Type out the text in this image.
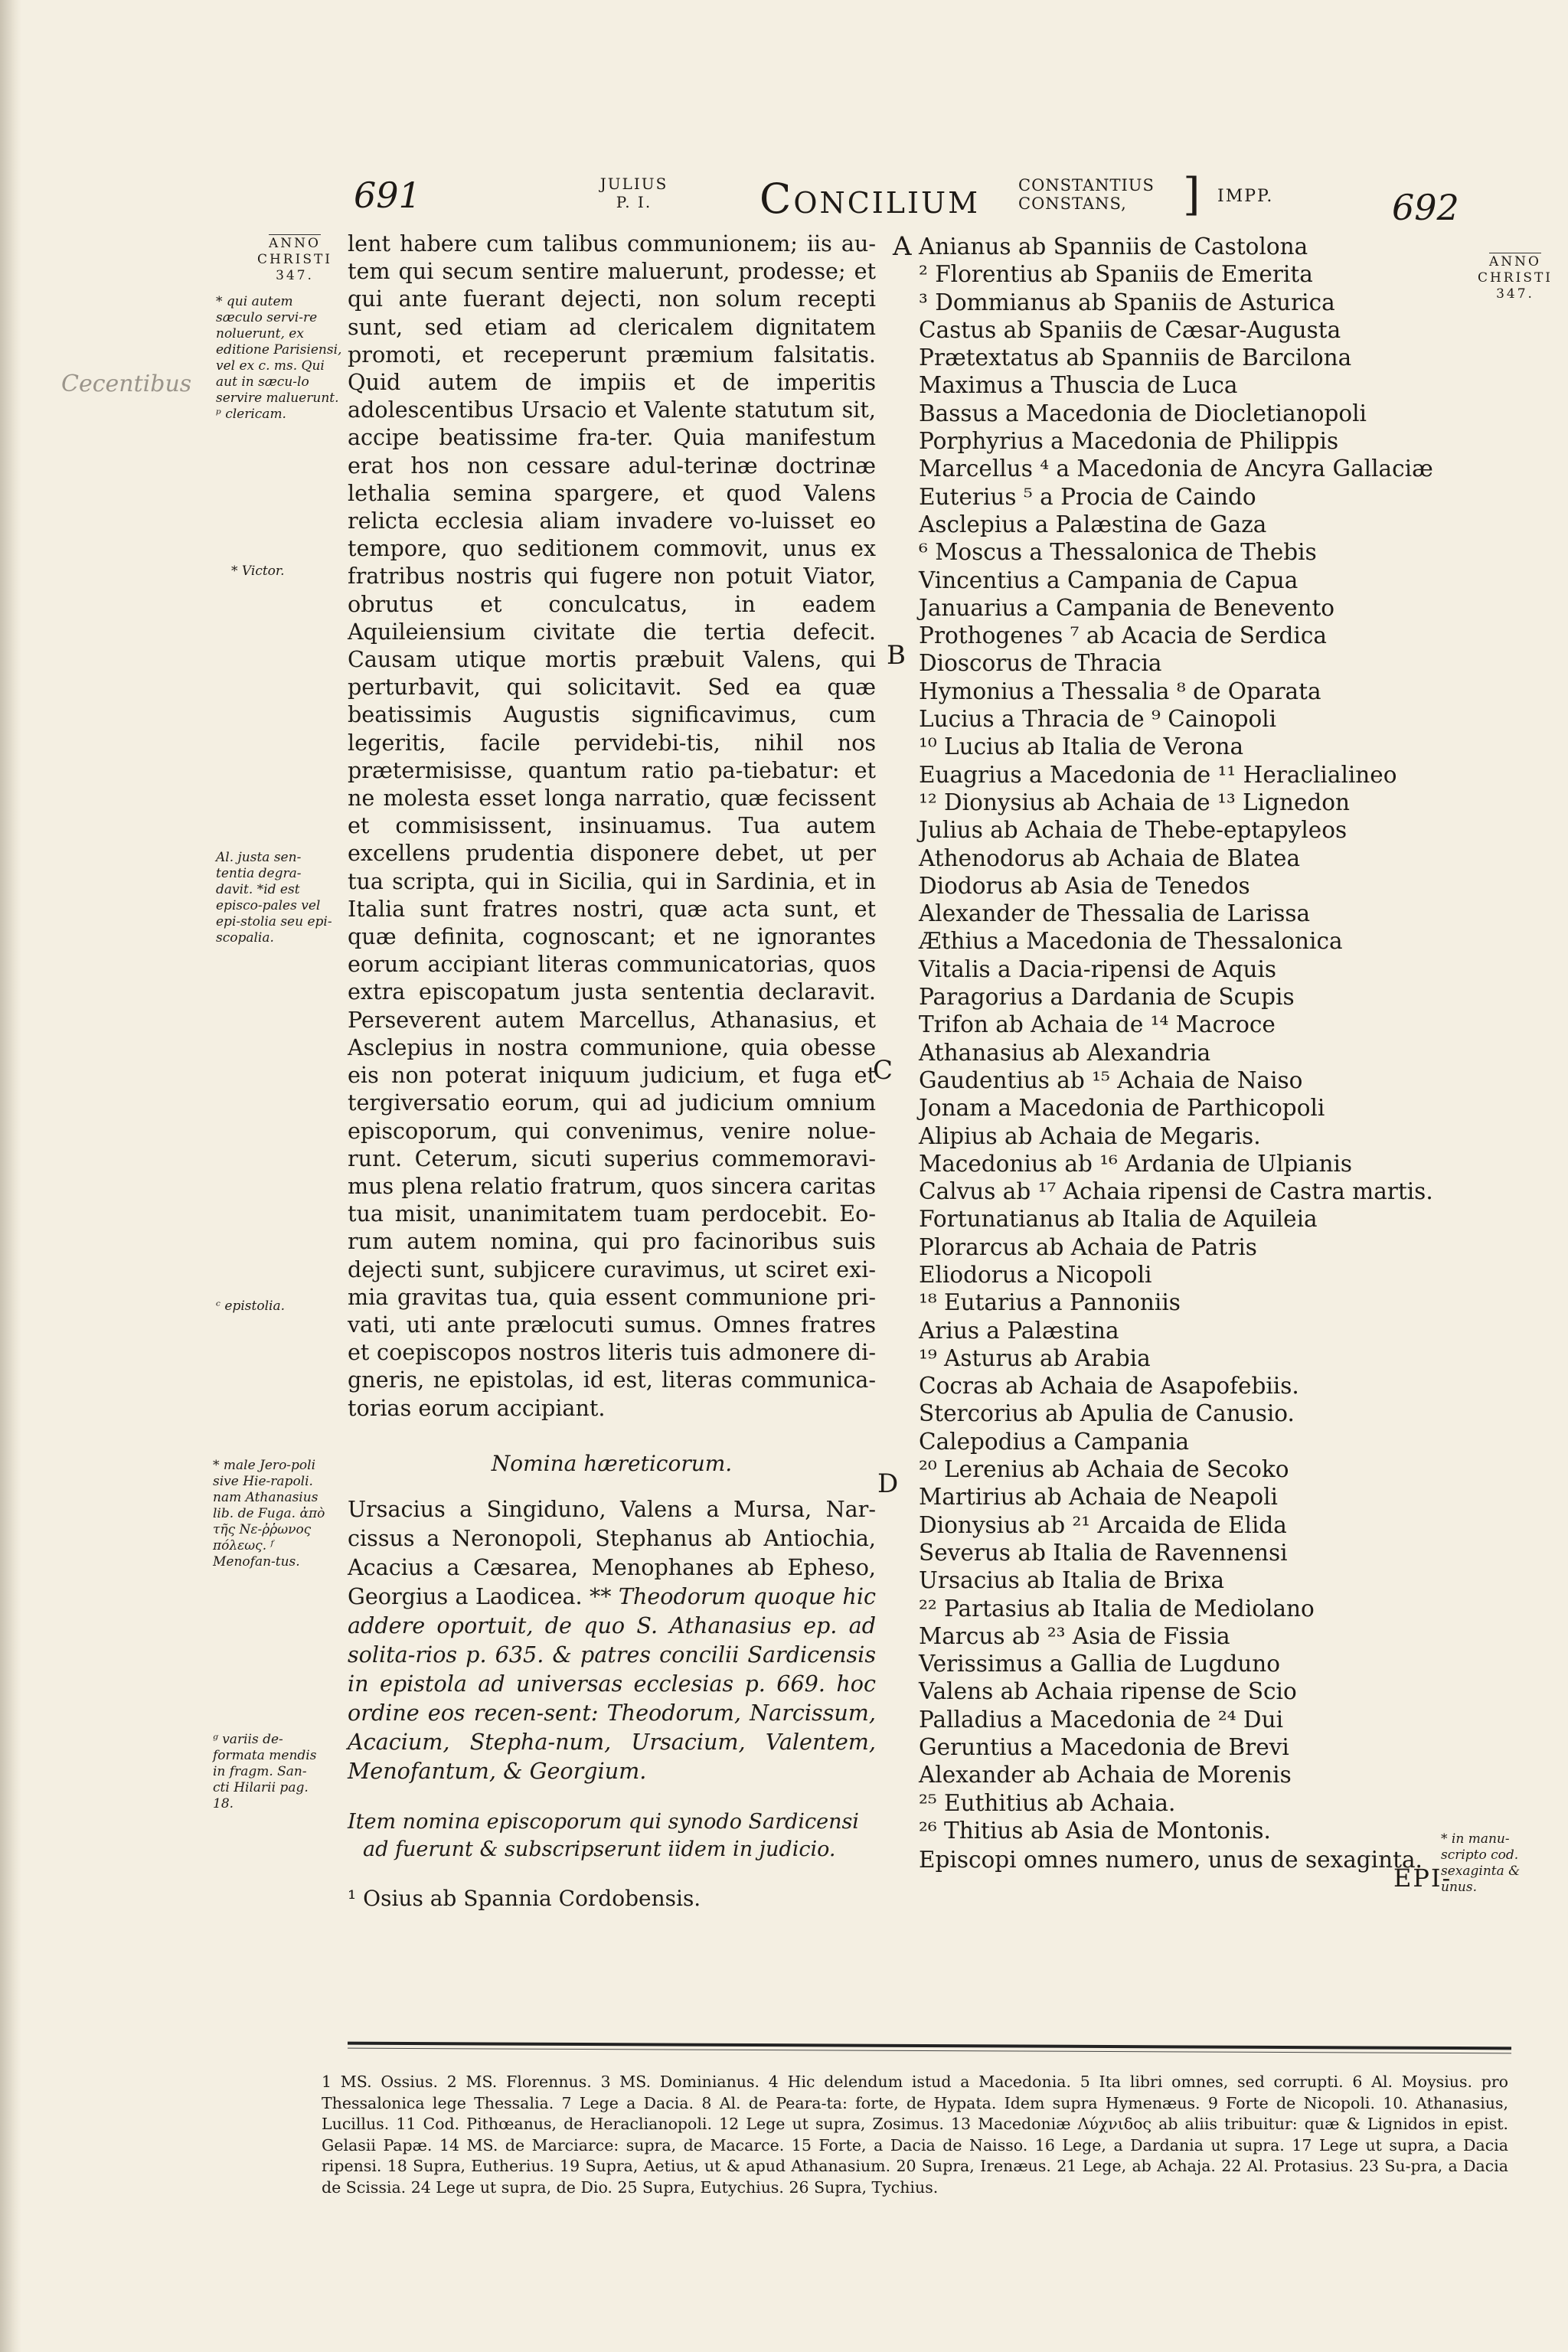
691	JULIUS
P. I.	Concilium CONSTANTIUS
CONSTANS,	] IMPP.	692
ANNO
CHRISTI
347.
* qui autem sæculo servi-re noluerunt, ex editione Parisiensi, vel ex c. ms. Qui aut in sæcu-lo servire maluerunt.
ᵖ clericam.
* Victor.
Al. justa sen-tentia degra-davit. *id est episco-pales vel epi-stolia seu epi-scopalia.
ᶜ epistolia.
* male Jero-poli sive Hie-rapoli. nam Athanasius lib. de Fuga. ἀπὸ τῆς Νε-ῤῥωνος πόλεως. ᶠ Menofan-tus.
ᵍ variis de-formata mendis in fragm. San-cti Hilarii pag. 18.
Cecentibus
ANNO
CHRISTI
347.
* in manu-scripto cod. sexaginta & unus.
A
B
C
D
lent habere cum talibus communionem; iis au-tem qui secum sentire maluerunt, prodesse; et qui ante fuerant dejecti, non solum recepti sunt, sed etiam ad clericalem dignitatem promoti, et receperunt præmium falsitatis. Quid autem de impiis et de imperitis adolescentibus Ursacio et Valente statutum sit, accipe beatissime fra-ter. Quia manifestum erat hos non cessare adul-terinæ doctrinæ lethalia semina spargere, et quod Valens relicta ecclesia aliam invadere vo-luisset eo tempore, quo seditionem commovit, unus ex fratribus nostris qui fugere non potuit Viator, obrutus et conculcatus, in eadem Aquileiensium civitate die tertia defecit. Causam utique mortis præbuit Valens, qui perturbavit, qui solicitavit. Sed ea quæ beatissimis Augustis significavimus, cum legeritis, facile pervidebi-tis, nihil nos prætermisisse, quantum ratio pa-tiebatur: et ne molesta esset longa narratio, quæ fecissent et commisissent, insinuamus. Tua autem excellens prudentia disponere debet, ut per tua scripta, qui in Sicilia, qui in Sardinia, et in Italia sunt fratres nostri, quæ acta sunt, et quæ definita, cognoscant; et ne ignorantes eorum accipiant literas communicatorias, quos extra episcopatum justa sententia declaravit. Perseverent autem Marcellus, Athanasius, et Asclepius in nostra communione, quia obesse eis non poterat iniquum judicium, et fuga et tergiversatio eorum, qui ad judicium omnium episcoporum, qui convenimus, venire nolue-runt. Ceterum, sicuti superius commemoravi-mus plena relatio fratrum, quos sincera caritas tua misit, unanimitatem tuam perdocebit. Eo-rum autem nomina, qui pro facinoribus suis dejecti sunt, subjicere curavimus, ut sciret exi-mia gravitas tua, quia essent communione pri-vati, uti ante prælocuti sumus. Omnes fratres et coepiscopos nostros literis tuis admonere di-gneris, ne epistolas, id est, literas communica-torias eorum accipiant.
Nomina hæreticorum.
Ursacius a Singiduno, Valens a Mursa, Nar-cissus a Neronopoli, Stephanus ab Antiochia, Acacius a Cæsarea, Menophanes ab Epheso, Georgius a Laodicea. ** Theodorum quoque hic addere oportuit, de quo S. Athanasius ep. ad solita-rios p. 635. & patres concilii Sardicensis in epistola ad universas ecclesias p. 669. hoc ordine eos recen-sent: Theodorum, Narcissum, Acacium, Stepha-num, Ursacium, Valentem, Menofantum, & Georgium.
Item nomina episcoporum qui synodo Sardicensi ad fuerunt & subscripserunt iidem in judicio.
¹ Osius ab Spannia Cordobensis.
Anianus ab Spanniis de Castolona
² Florentius ab Spaniis de Emerita
³ Dommianus ab Spaniis de Asturica
Castus ab Spaniis de Cæsar-Augusta
Prætextatus ab Spanniis de Barcilona
Maximus a Thuscia de Luca
Bassus a Macedonia de Diocletianopoli
Porphyrius a Macedonia de Philippis
Marcellus ⁴ a Macedonia de Ancyra Gallaciæ
Euterius ⁵ a Procia de Caindo
Asclepius a Palæstina de Gaza
⁶ Moscus a Thessalonica de Thebis
Vincentius a Campania de Capua
Januarius a Campania de Benevento
Prothogenes ⁷ ab Acacia de Serdica
Dioscorus de Thracia
Hymonius a Thessalia ⁸ de Oparata
Lucius a Thracia de ⁹ Cainopoli
¹⁰ Lucius ab Italia de Verona
Euagrius a Macedonia de ¹¹ Heraclialineo
¹² Dionysius ab Achaia de ¹³ Lignedon
Julius ab Achaia de Thebe-eptapyleos
Athenodorus ab Achaia de Blatea
Diodorus ab Asia de Tenedos
Alexander de Thessalia de Larissa
Æthius a Macedonia de Thessalonica
Vitalis a Dacia-ripensi de Aquis
Paragorius a Dardania de Scupis
Trifon ab Achaia de ¹⁴ Macroce
Athanasius ab Alexandria
Gaudentius ab ¹⁵ Achaia de Naiso
Jonam a Macedonia de Parthicopoli
Alipius ab Achaia de Megaris.
Macedonius ab ¹⁶ Ardania de Ulpianis
Calvus ab ¹⁷ Achaia ripensi de Castra martis.
Fortunatianus ab Italia de Aquileia
Plorarcus ab Achaia de Patris
Eliodorus a Nicopoli
¹⁸ Eutarius a Pannoniis
Arius a Palæstina
¹⁹ Asturus ab Arabia
Cocras ab Achaia de Asapofebiis.
Stercorius ab Apulia de Canusio.
Calepodius a Campania
²⁰ Lerenius ab Achaia de Secoko
Martirius ab Achaia de Neapoli
Dionysius ab ²¹ Arcaida de Elida
Severus ab Italia de Ravennensi
Ursacius ab Italia de Brixa
²² Partasius ab Italia de Mediolano
Marcus ab ²³ Asia de Fissia
Verissimus a Gallia de Lugduno
Valens ab Achaia ripense de Scio
Palladius a Macedonia de ²⁴ Dui
Geruntius a Macedonia de Brevi
Alexander ab Achaia de Morenis
²⁵ Euthitius ab Achaia.
²⁶ Thitius ab Asia de Montonis.
Episcopi omnes numero, unus de sexaginta.
EPI-
1 MS. Ossius. 2 MS. Florennus. 3 MS. Dominianus. 4 Hic delendum istud a Macedonia. 5 Ita libri omnes, sed corrupti. 6 Al. Moysius. pro Thessalonica lege Thessalia. 7 Lege a Dacia. 8 Al. de Peara-ta: forte, de Hypata. Idem supra Hymenæus. 9 Forte de Nicopoli. 10. Athanasius, Lucillus. 11 Cod. Pithœanus, de Heraclianopoli. 12 Lege ut supra, Zosimus. 13 Macedoniæ Λύχνιδος ab aliis tribuitur: quæ & Lignidos in epist. Gelasii Papæ. 14 MS. de Marciarce: supra, de Macarce. 15 Forte, a Dacia de Naisso. 16 Lege, a Dardania ut supra. 17 Lege ut supra, a Dacia ripensi. 18 Supra, Eutherius. 19 Supra, Aetius, ut & apud Athanasium. 20 Supra, Irenæus. 21 Lege, ab Achaja. 22 Al. Protasius. 23 Su-pra, a Dacia de Scissia. 24 Lege ut supra, de Dio. 25 Supra, Eutychius. 26 Supra, Tychius.
